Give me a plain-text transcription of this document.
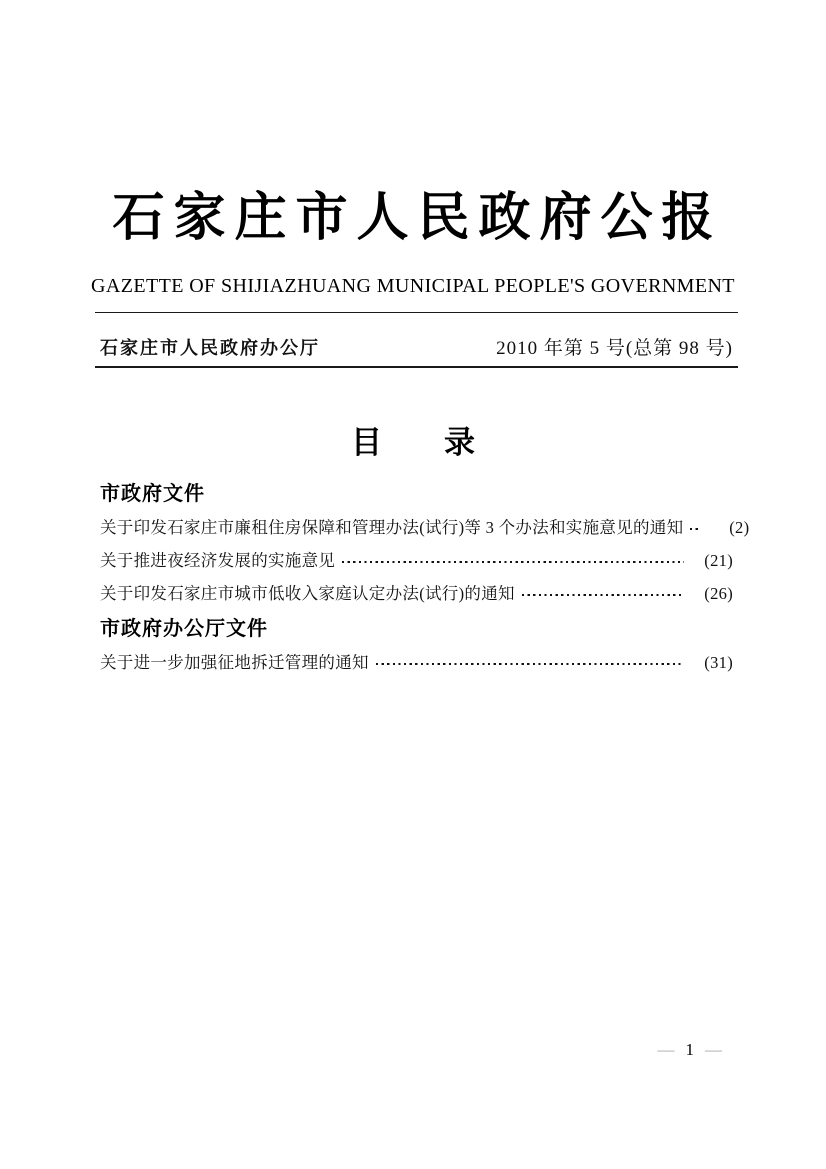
石家庄市人民政府公报
GAZETTE OF SHIJIAZHUANG MUNICIPAL PEOPLE'S GOVERNMENT
石家庄市人民政府办公厅	2010 年第 5 号(总第 98 号)
目　　录
市政府文件
关于印发石家庄市廉租住房保障和管理办法(试行)等 3 个办法和实施意见的通知	(2)
关于推进夜经济发展的实施意见	(21)
关于印发石家庄市城市低收入家庭认定办法(试行)的通知	(26)
市政府办公厅文件
关于进一步加强征地拆迁管理的通知	(31)
— 1 —
